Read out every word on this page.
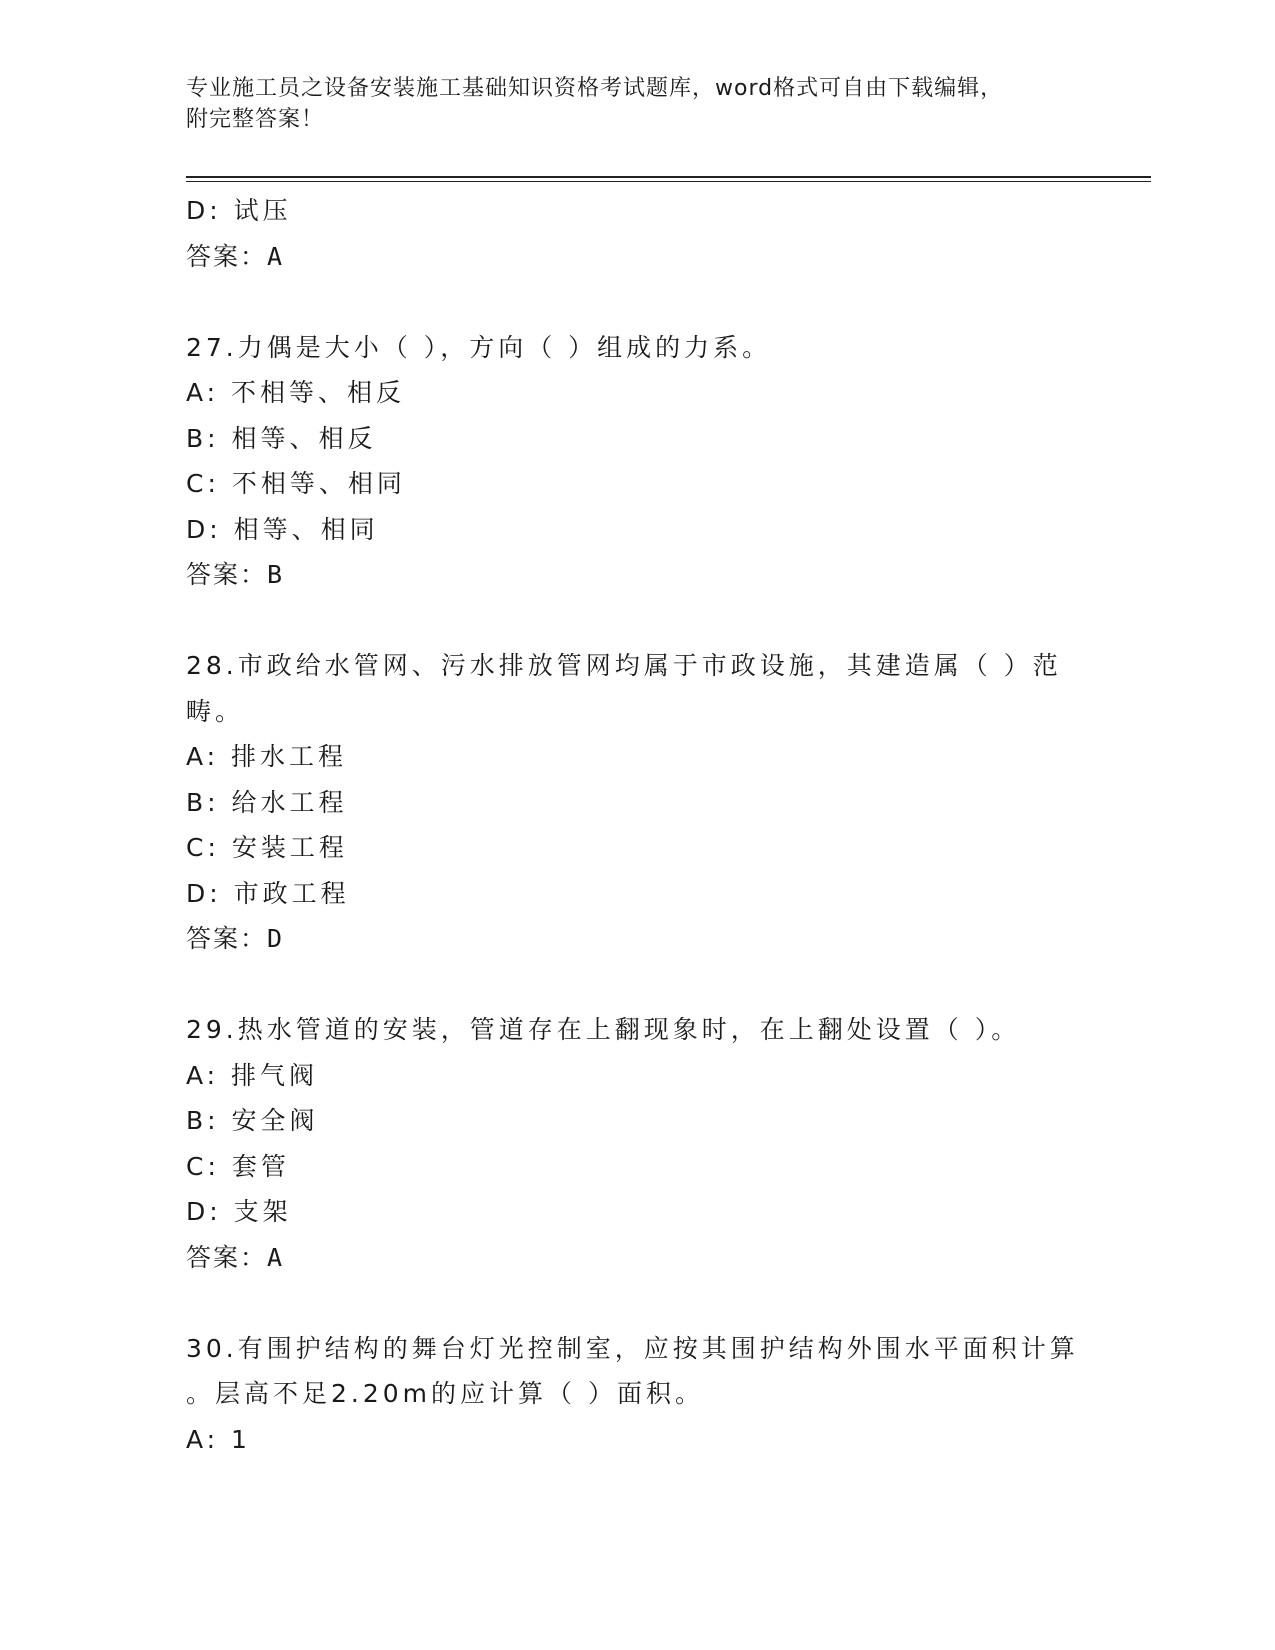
专业施工员之设备安装施工基础知识资格考试题库，word格式可自由下载编辑，
附完整答案！
D: 试压
答案：A
27.力偶是大小（ ），方向（ ）组成的力系。
A: 不相等、相反
B: 相等、相反
C: 不相等、相同
D: 相等、相同
答案：B
28.市政给水管网、污水排放管网均属于市政设施，其建造属（ ）范
畴。
A: 排水工程
B: 给水工程
C: 安装工程
D: 市政工程
答案：D
29.热水管道的安装，管道存在上翻现象时，在上翻处设置（ ）。
A: 排气阀
B: 安全阀
C: 套管
D: 支架
答案：A
30.有围护结构的舞台灯光控制室，应按其围护结构外围水平面积计算
。层高不足2.20m的应计算（ ）面积。
A: 1
